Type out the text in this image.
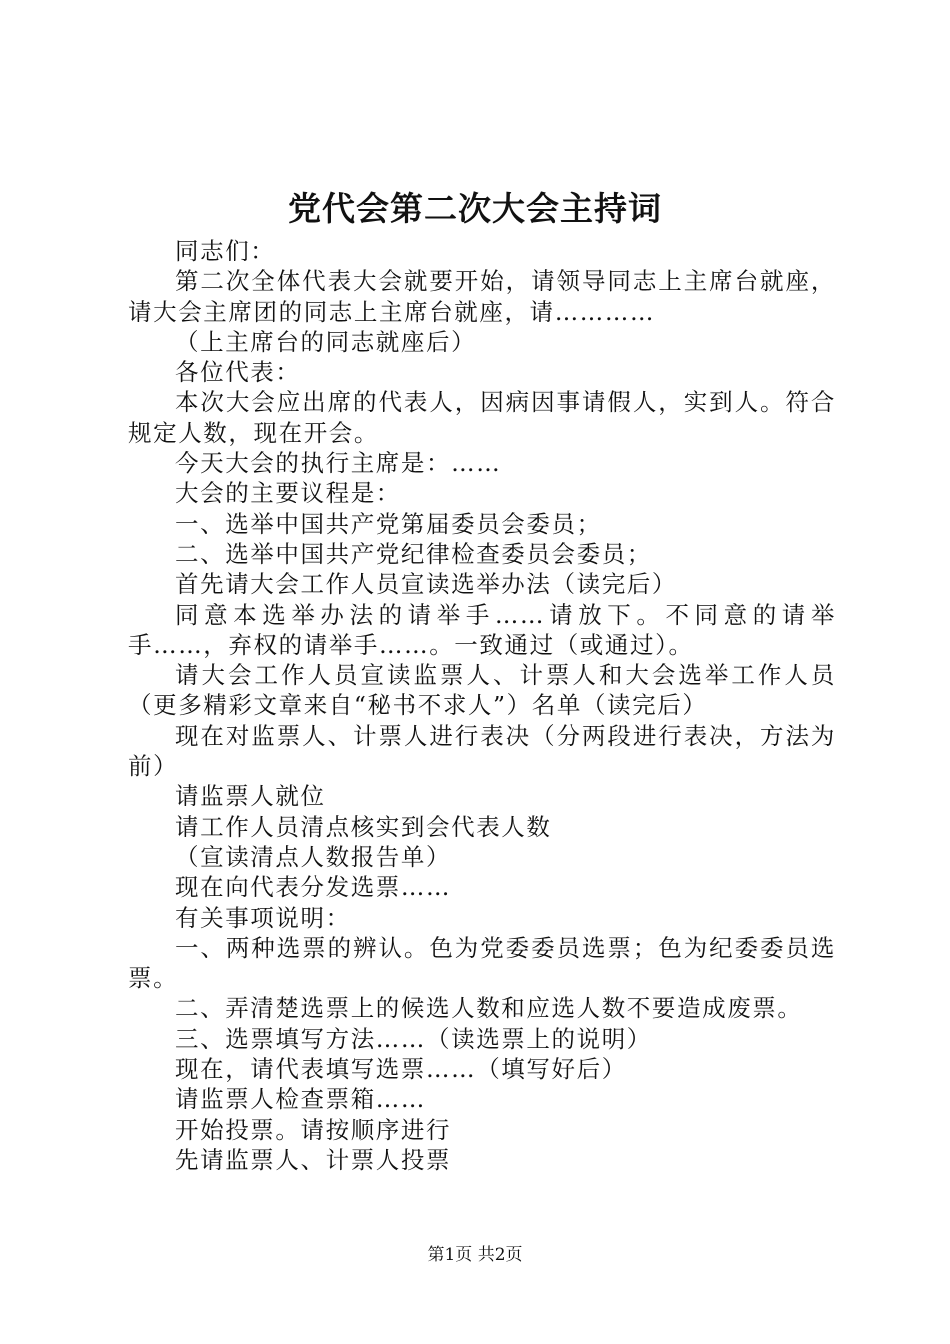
党代会第二次大会主持词

同志们：

第二次全体代表大会就要开始，请领导同志上主席台就座，请大会主席团的同志上主席台就座，请…………

（上主席台的同志就座后）

各位代表：

本次大会应出席的代表人，因病因事请假人，实到人。符合规定人数，现在开会。

今天大会的执行主席是：……

大会的主要议程是：

一、选举中国共产党第届委员会委员；

二、选举中国共产党纪律检查委员会委员；

首先请大会工作人员宣读选举办法（读完后）

同意本选举办法的请举手……请放下。不同意的请举手……，弃权的请举手……。一致通过（或通过）。

请大会工作人员宣读监票人、计票人和大会选举工作人员（更多精彩文章来自“秘书不求人”）名单（读完后）

现在对监票人、计票人进行表决（分两段进行表决，方法为前）

请监票人就位

请工作人员清点核实到会代表人数

（宣读清点人数报告单）

现在向代表分发选票……

有关事项说明：

一、两种选票的辨认。色为党委委员选票；色为纪委委员选票。

二、弄清楚选票上的候选人数和应选人数不要造成废票。

三、选票填写方法……（读选票上的说明）

现在，请代表填写选票……（填写好后）

请监票人检查票箱……

开始投票。请按顺序进行

先请监票人、计票人投票

第1页 共2页
